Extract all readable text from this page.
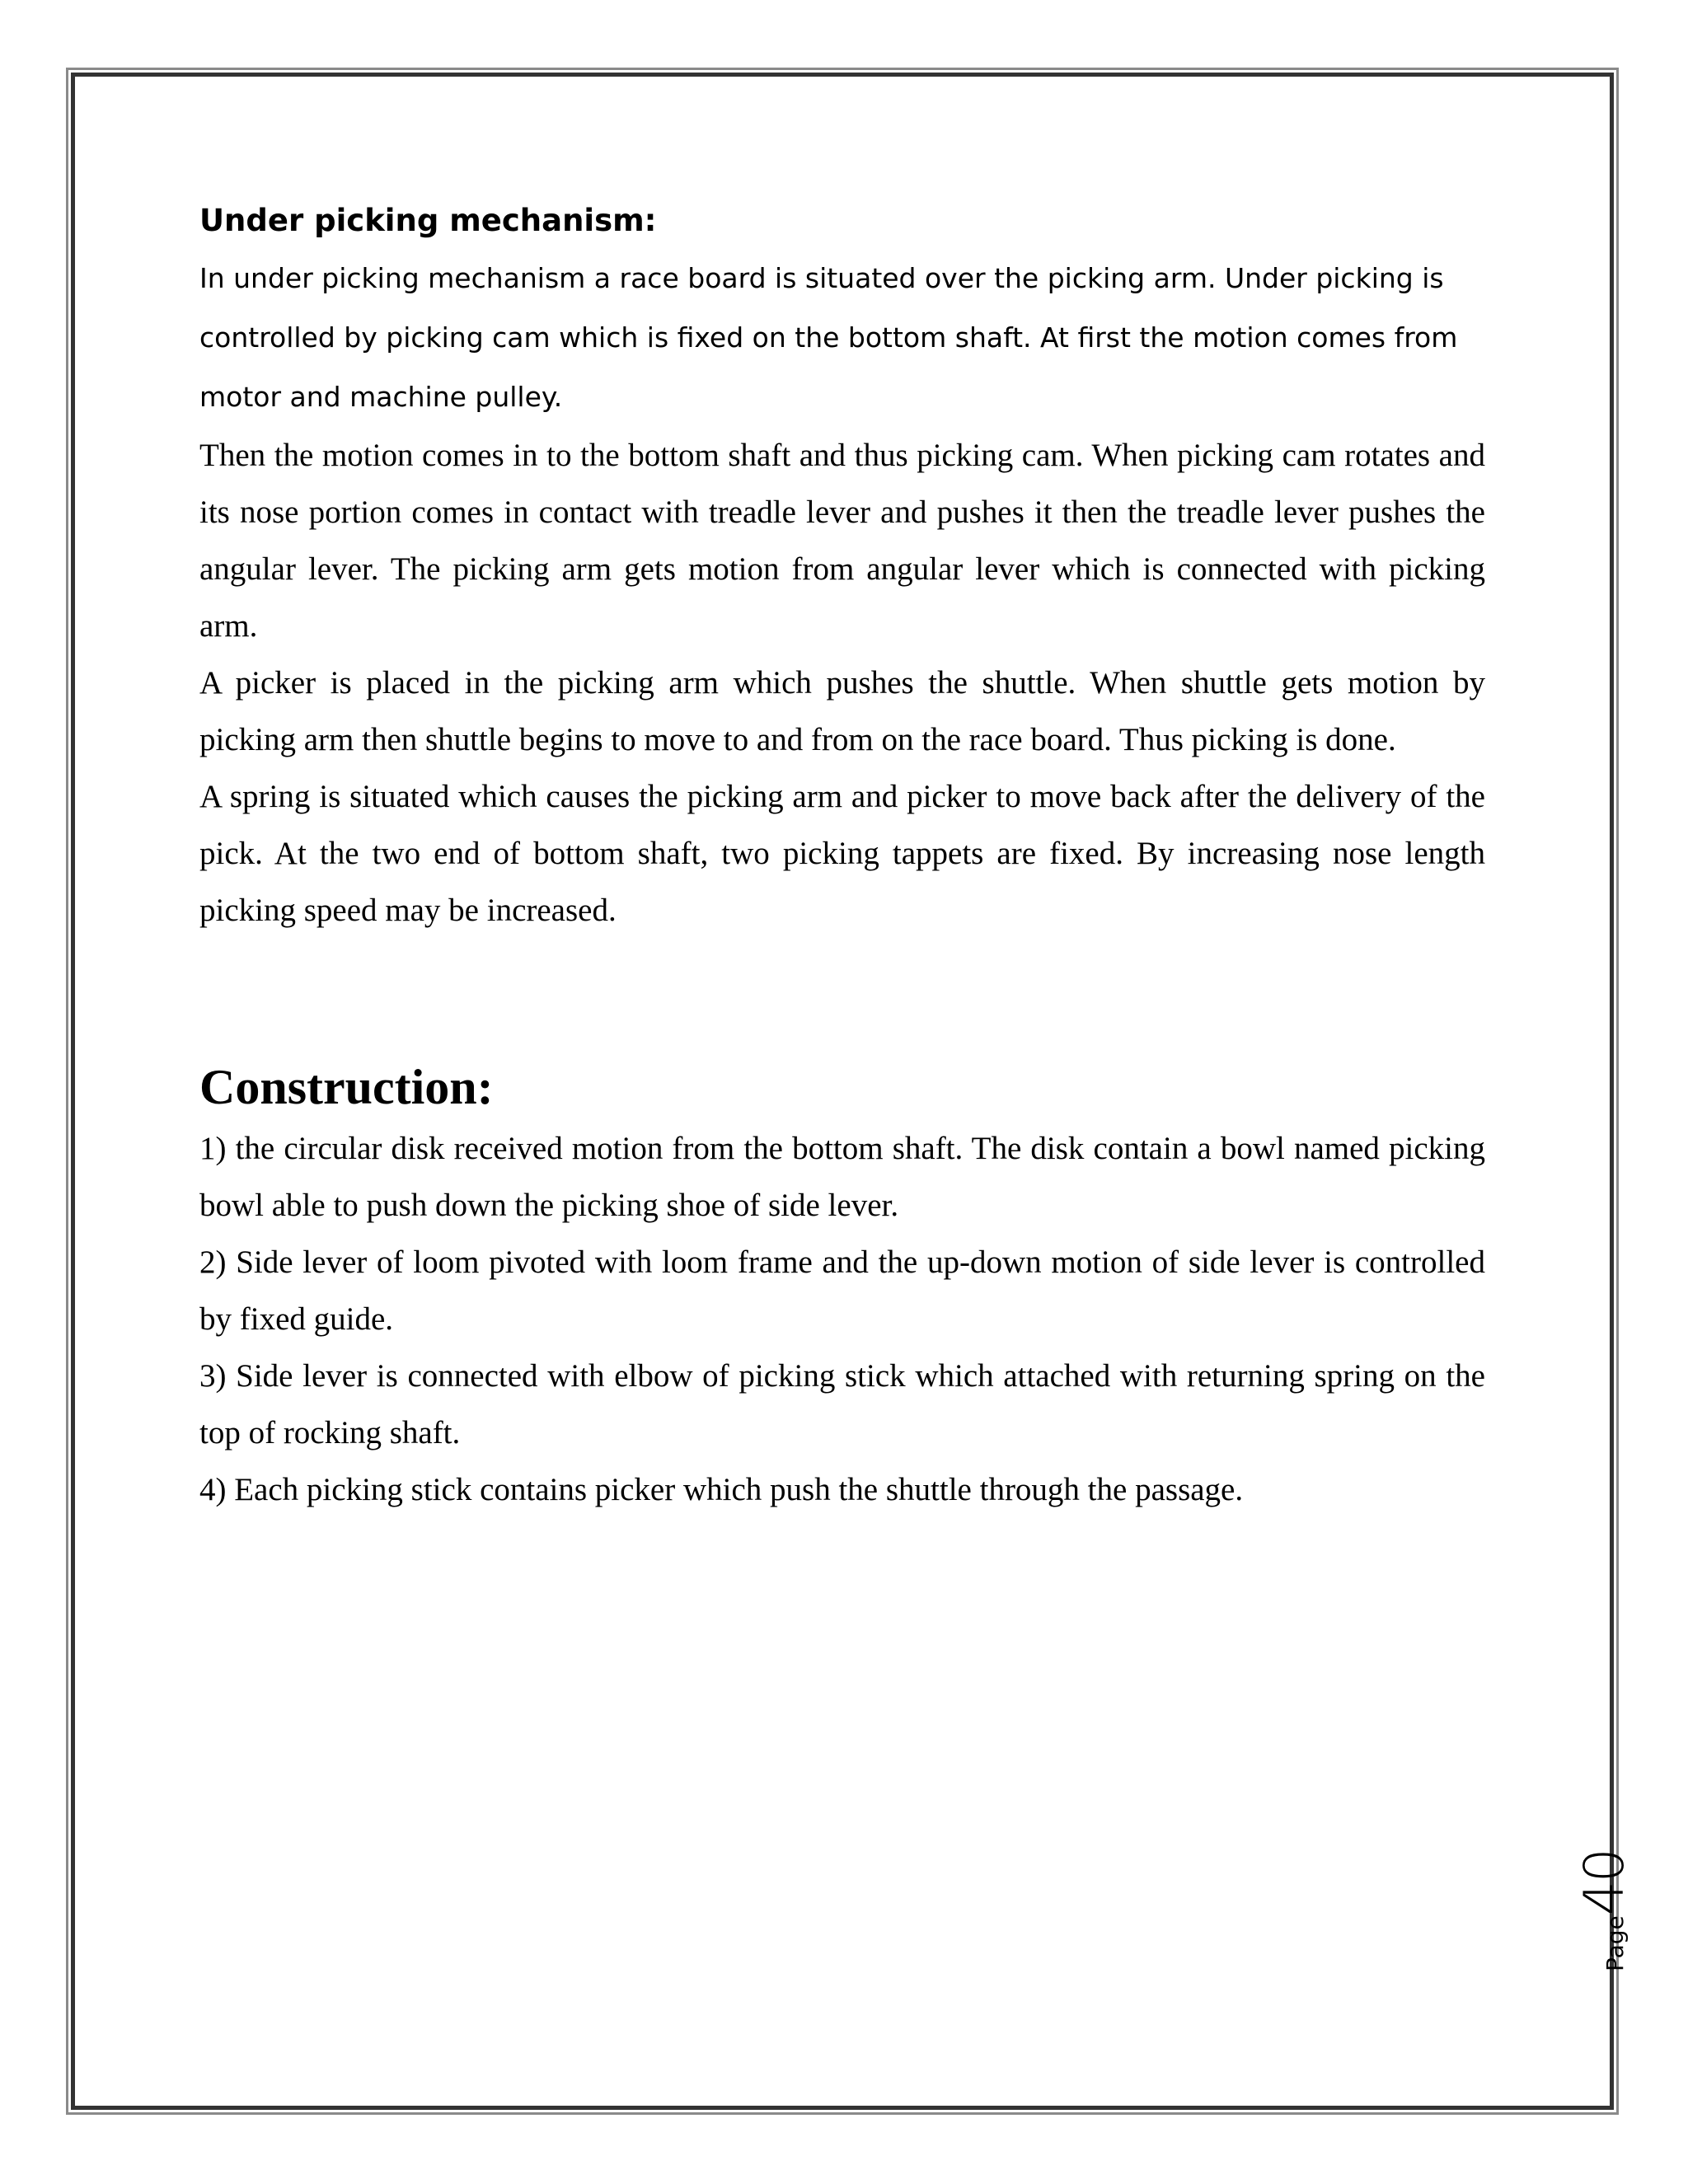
Under picking mechanism:

In under picking mechanism a race board is situated over the picking arm. Under picking is controlled by picking cam which is fixed on the bottom shaft. At first the motion comes from motor and machine pulley.

Then the motion comes in to the bottom shaft and thus picking cam. When picking cam rotates and its nose portion comes in contact with treadle lever and pushes it then the treadle lever pushes the angular lever. The picking arm gets motion from angular lever which is connected with picking arm.

A picker is placed in the picking arm which pushes the shuttle. When shuttle gets motion by picking arm then shuttle begins to move to and from on the race board. Thus picking is done.

A spring is situated which causes the picking arm and picker to move back after the delivery of the pick. At the two end of bottom shaft, two picking tappets are fixed. By increasing nose length picking speed may be increased.

Construction:

1) the circular disk received motion from the bottom shaft. The disk contain a bowl named picking bowl able to push down the picking shoe of side lever.

2) Side lever of loom pivoted with loom frame and the up-down motion of side lever is controlled by fixed guide.

3) Side lever is connected with elbow of picking stick which attached with returning spring on the top of rocking shaft.

4) Each picking stick contains picker which push the shuttle through the passage.

Page
40
